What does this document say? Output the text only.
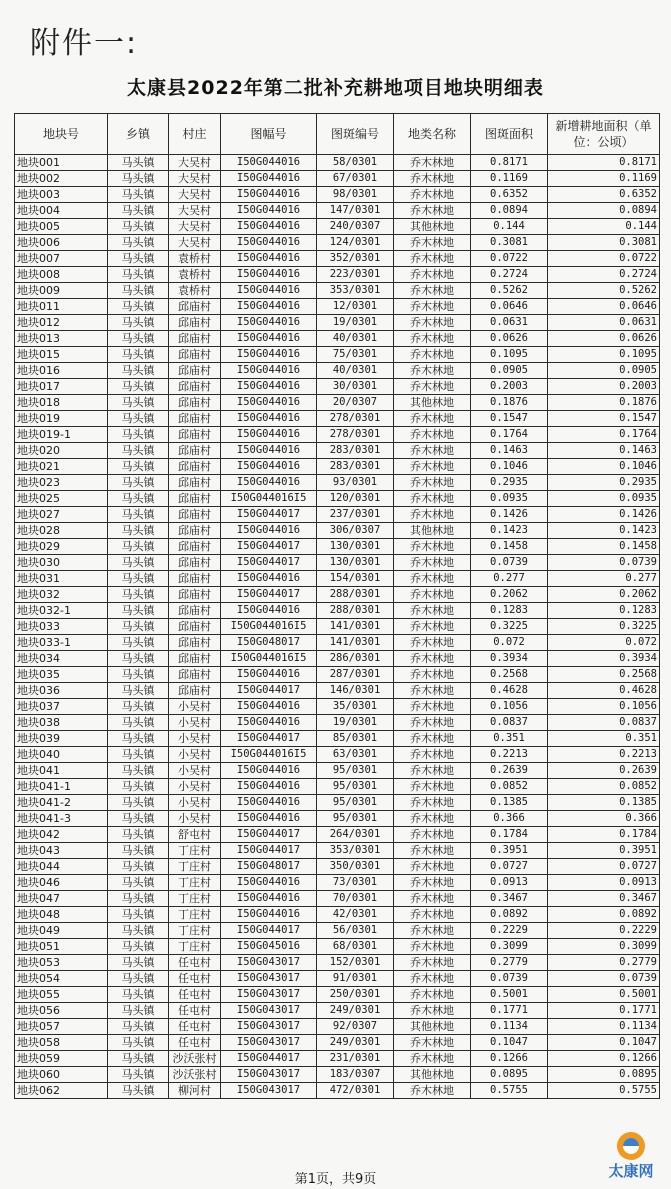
附件一:
太康县2022年第二批补充耕地项目地块明细表
地块号	乡镇	村庄	图幅号	图斑编号	地类名称	图斑面积	新增耕地面积（单位：公顷）
地块001	马头镇	大吴村	I50G044016	58/0301	乔木林地	0.8171	0.8171
地块002	马头镇	大吴村	I50G044016	67/0301	乔木林地	0.1169	0.1169
地块003	马头镇	大吴村	I50G044016	98/0301	乔木林地	0.6352	0.6352
地块004	马头镇	大吴村	I50G044016	147/0301	乔木林地	0.0894	0.0894
地块005	马头镇	大吴村	I50G044016	240/0307	其他林地	0.144	0.144
地块006	马头镇	大吴村	I50G044016	124/0301	乔木林地	0.3081	0.3081
地块007	马头镇	袁桥村	I50G044016	352/0301	乔木林地	0.0722	0.0722
地块008	马头镇	袁桥村	I50G044016	223/0301	乔木林地	0.2724	0.2724
地块009	马头镇	袁桥村	I50G044016	353/0301	乔木林地	0.5262	0.5262
地块011	马头镇	邱庙村	I50G044016	12/0301	乔木林地	0.0646	0.0646
地块012	马头镇	邱庙村	I50G044016	19/0301	乔木林地	0.0631	0.0631
地块013	马头镇	邱庙村	I50G044016	40/0301	乔木林地	0.0626	0.0626
地块015	马头镇	邱庙村	I50G044016	75/0301	乔木林地	0.1095	0.1095
地块016	马头镇	邱庙村	I50G044016	40/0301	乔木林地	0.0905	0.0905
地块017	马头镇	邱庙村	I50G044016	30/0301	乔木林地	0.2003	0.2003
地块018	马头镇	邱庙村	I50G044016	20/0307	其他林地	0.1876	0.1876
地块019	马头镇	邱庙村	I50G044016	278/0301	乔木林地	0.1547	0.1547
地块019-1	马头镇	邱庙村	I50G044016	278/0301	乔木林地	0.1764	0.1764
地块020	马头镇	邱庙村	I50G044016	283/0301	乔木林地	0.1463	0.1463
地块021	马头镇	邱庙村	I50G044016	283/0301	乔木林地	0.1046	0.1046
地块023	马头镇	邱庙村	I50G044016	93/0301	乔木林地	0.2935	0.2935
地块025	马头镇	邱庙村	I50G044016I5	120/0301	乔木林地	0.0935	0.0935
地块027	马头镇	邱庙村	I50G044017	237/0301	乔木林地	0.1426	0.1426
地块028	马头镇	邱庙村	I50G044016	306/0307	其他林地	0.1423	0.1423
地块029	马头镇	邱庙村	I50G044017	130/0301	乔木林地	0.1458	0.1458
地块030	马头镇	邱庙村	I50G044017	130/0301	乔木林地	0.0739	0.0739
地块031	马头镇	邱庙村	I50G044016	154/0301	乔木林地	0.277	0.277
地块032	马头镇	邱庙村	I50G044017	288/0301	乔木林地	0.2062	0.2062
地块032-1	马头镇	邱庙村	I50G044016	288/0301	乔木林地	0.1283	0.1283
地块033	马头镇	邱庙村	I50G044016I5	141/0301	乔木林地	0.3225	0.3225
地块033-1	马头镇	邱庙村	I50G048017	141/0301	乔木林地	0.072	0.072
地块034	马头镇	邱庙村	I50G044016I5	286/0301	乔木林地	0.3934	0.3934
地块035	马头镇	邱庙村	I50G044016	287/0301	乔木林地	0.2568	0.2568
地块036	马头镇	邱庙村	I50G044017	146/0301	乔木林地	0.4628	0.4628
地块037	马头镇	小吴村	I50G044016	35/0301	乔木林地	0.1056	0.1056
地块038	马头镇	小吴村	I50G044016	19/0301	乔木林地	0.0837	0.0837
地块039	马头镇	小吴村	I50G044017	85/0301	乔木林地	0.351	0.351
地块040	马头镇	小吴村	I50G044016I5	63/0301	乔木林地	0.2213	0.2213
地块041	马头镇	小吴村	I50G044016	95/0301	乔木林地	0.2639	0.2639
地块041-1	马头镇	小吴村	I50G044016	95/0301	乔木林地	0.0852	0.0852
地块041-2	马头镇	小吴村	I50G044016	95/0301	乔木林地	0.1385	0.1385
地块041-3	马头镇	小吴村	I50G044016	95/0301	乔木林地	0.366	0.366
地块042	马头镇	舒屯村	I50G044017	264/0301	乔木林地	0.1784	0.1784
地块043	马头镇	丁庄村	I50G044017	353/0301	乔木林地	0.3951	0.3951
地块044	马头镇	丁庄村	I50G048017	350/0301	乔木林地	0.0727	0.0727
地块046	马头镇	丁庄村	I50G044016	73/0301	乔木林地	0.0913	0.0913
地块047	马头镇	丁庄村	I50G044016	70/0301	乔木林地	0.3467	0.3467
地块048	马头镇	丁庄村	I50G044016	42/0301	乔木林地	0.0892	0.0892
地块049	马头镇	丁庄村	I50G044017	56/0301	乔木林地	0.2229	0.2229
地块051	马头镇	丁庄村	I50G045016	68/0301	乔木林地	0.3099	0.3099
地块053	马头镇	任屯村	I50G043017	152/0301	乔木林地	0.2779	0.2779
地块054	马头镇	任屯村	I50G043017	91/0301	乔木林地	0.0739	0.0739
地块055	马头镇	任屯村	I50G043017	250/0301	乔木林地	0.5001	0.5001
地块056	马头镇	任屯村	I50G043017	249/0301	乔木林地	0.1771	0.1771
地块057	马头镇	任屯村	I50G043017	92/0307	其他林地	0.1134	0.1134
地块058	马头镇	任屯村	I50G043017	249/0301	乔木林地	0.1047	0.1047
地块059	马头镇	沙沃张村	I50G044017	231/0301	乔木林地	0.1266	0.1266
地块060	马头镇	沙沃张村	I50G043017	183/0307	其他林地	0.0895	0.0895
地块062	马头镇	柳河村	I50G043017	472/0301	乔木林地	0.5755	0.5755
第1页，共9页	太康网
